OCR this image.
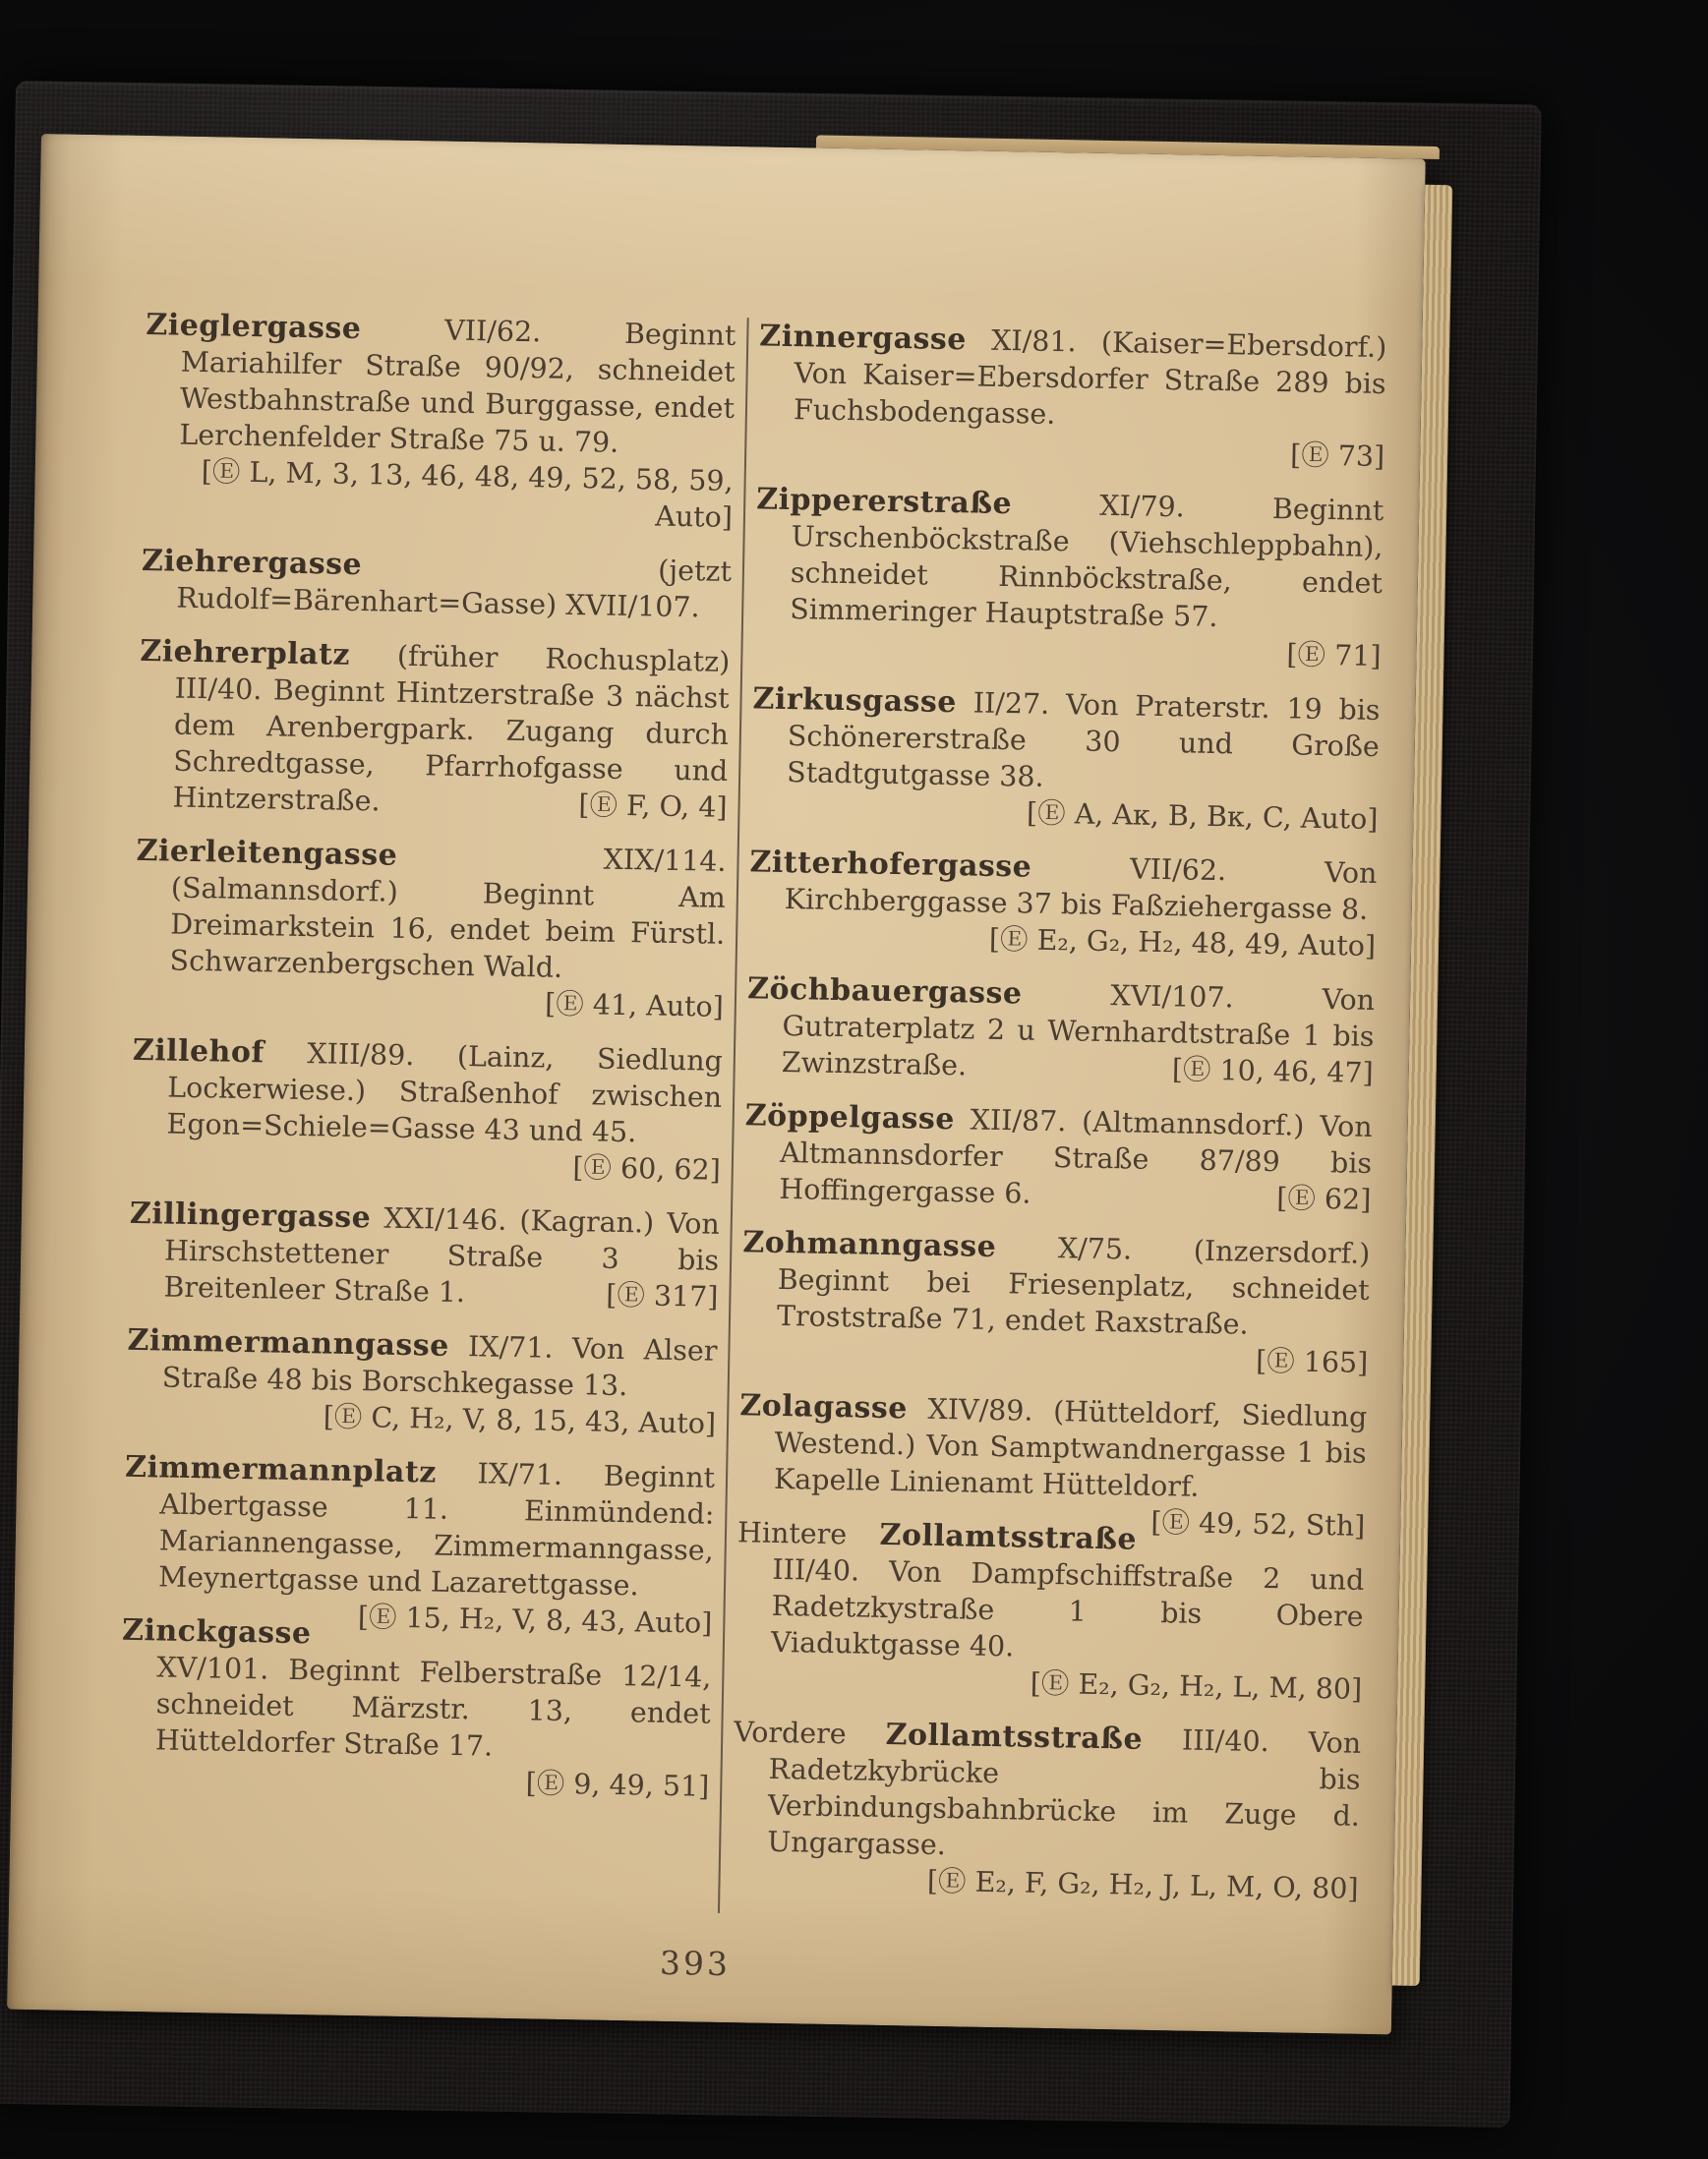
Zieglergasse	VII/62. Beginnt Mariahilfer Straße 90/92, schneidet Westbahnstraße und Burggasse, endet Lerchenfelder Straße 75 u. 79.

[Ⓔ L, M, 3, 13, 46, 48, 49, 52, 58, 59, Auto]

Ziehrergasse	(jetzt Rudolf=Bärenhart=Gasse) XVII/107.

Ziehrerplatz (früher Rochusplatz) III/40. Beginnt Hintzerstraße 3 nächst dem Arenbergpark. Zugang durch Schredtgasse, Pfarrhofgasse und Hintzerstraße.	[Ⓔ F, O, 4]

Zierleitengasse	XIX/114. (Salmannsdorf.) Beginnt Am Dreimarkstein 16, endet beim Fürstl. Schwarzenbergschen Wald.

[Ⓔ 41, Auto]

Zillehof XIII/89. (Lainz, Siedlung Lockerwiese.) Straßenhof zwischen Egon=Schiele=Gasse 43 und 45.

[Ⓔ 60, 62]

Zillingergasse XXI/146. (Kagran.) Von Hirschstettener Straße 3 bis Breitenleer Straße 1.	[Ⓔ 317]

Zimmermanngasse IX/71. Von Alser Straße 48 bis Borschkegasse 13.

[Ⓔ C, H₂, V, 8, 15, 43, Auto]

Zimmermannplatz IX/71. Beginnt Albertgasse 11. Einmündend: Mariannengasse, Zimmermanngasse, Meynertgasse und Lazarettgasse.
[Ⓔ 15, H₂, V, 8, 43, Auto]

Zinckgasse XV/101. Beginnt Felberstraße 12/14, schneidet Märzstr. 13, endet Hütteldorfer Straße 17.

[Ⓔ 9, 49, 51]

Zinnergasse XI/81. (Kaiser=Ebersdorf.) Von Kaiser=Ebersdorfer Straße 289 bis Fuchsbodengasse.

[Ⓔ 73]

Zippererstraße	XI/79. Beginnt Urschenböckstraße (Viehschleppbahn), schneidet Rinnböckstraße, endet Simmeringer Hauptstraße 57.

[Ⓔ 71]

Zirkusgasse II/27. Von Praterstr. 19 bis Schönererstraße 30 und Große Stadtgutgasse 38.

[Ⓔ A, Aᴋ, B, Bᴋ, C, Auto]

Zitterhofergasse	VII/62. Von Kirchberggasse 37 bis Faßziehergasse 8.

[Ⓔ E₂, G₂, H₂, 48, 49, Auto]

Zöchbauergasse	XVI/107. Von Gutraterplatz 2 u Wernhardtstraße 1 bis Zwinzstraße.	[Ⓔ 10, 46, 47]

Zöppelgasse XII/87. (Altmannsdorf.) Von Altmannsdorfer Straße 87/89 bis Hoffingergasse 6.	[Ⓔ 62]

Zohmanngasse X/75. (Inzersdorf.) Beginnt bei Friesenplatz, schneidet Troststraße 71, endet Raxstraße.

[Ⓔ 165]

Zolagasse XIV/89. (Hütteldorf, Siedlung Westend.) Von Samptwandnergasse 1 bis Kapelle Linienamt Hütteldorf.
[Ⓔ 49, 52, Sth]

Hintere Zollamtsstraße III/40. Von Dampfschiffstraße 2 und Radetzkystraße 1 bis Obere Viaduktgasse 40.

[Ⓔ E₂, G₂, H₂, L, M, 80]

Vordere Zollamtsstraße III/40. Von Radetzkybrücke bis Verbindungsbahnbrücke im Zuge d. Ungargasse.

[Ⓔ E₂, F, G₂, H₂, J, L, M, O, 80]
393
